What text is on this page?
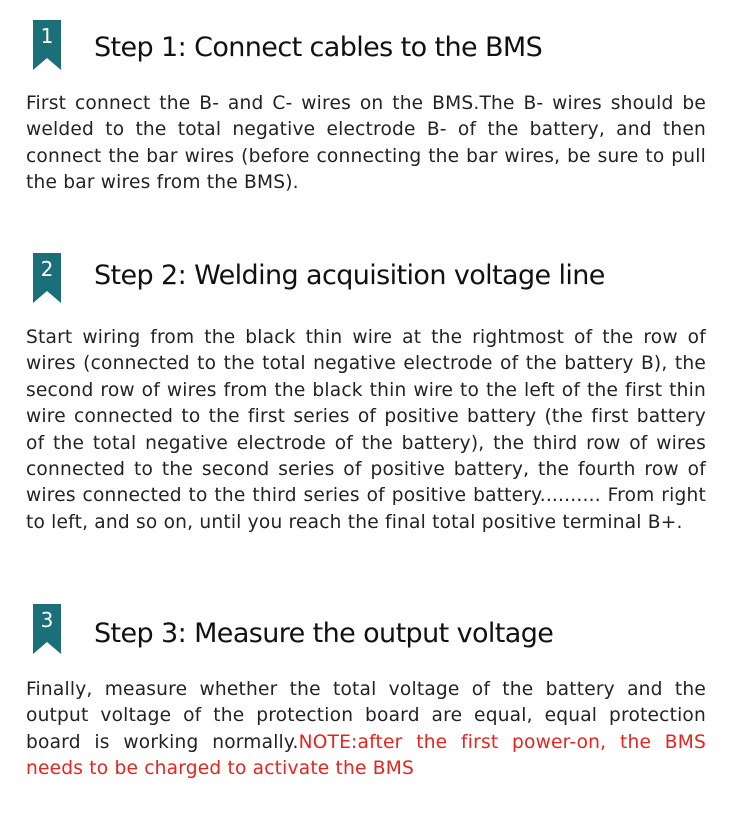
1 Step 1: Connect cables to the BMS

First connect the B- and C- wires on the BMS.The B- wires should be welded to the total negative electrode B- of the battery, and then connect the bar wires (before connecting the bar wires, be sure to pull the bar wires from the BMS).

2 Step 2: Welding acquisition voltage line

Start wiring from the black thin wire at the rightmost of the row of wires (connected to the total negative electrode of the battery B), the second row of wires from the black thin wire to the left of the first thin wire connected to the first series of positive battery (the first battery of the total negative electrode of the battery), the third row of wires connected to the second series of positive battery, the fourth row of wires connected to the third series of positive battery.......... From right to left, and so on, until you reach the final total positive terminal B+.

3 Step 3: Measure the output voltage

Finally, measure whether the total voltage of the battery and the output voltage of the protection board are equal, equal protection board is working normally.NOTE:after the first power-on, the BMS needs to be charged to activate the BMS
